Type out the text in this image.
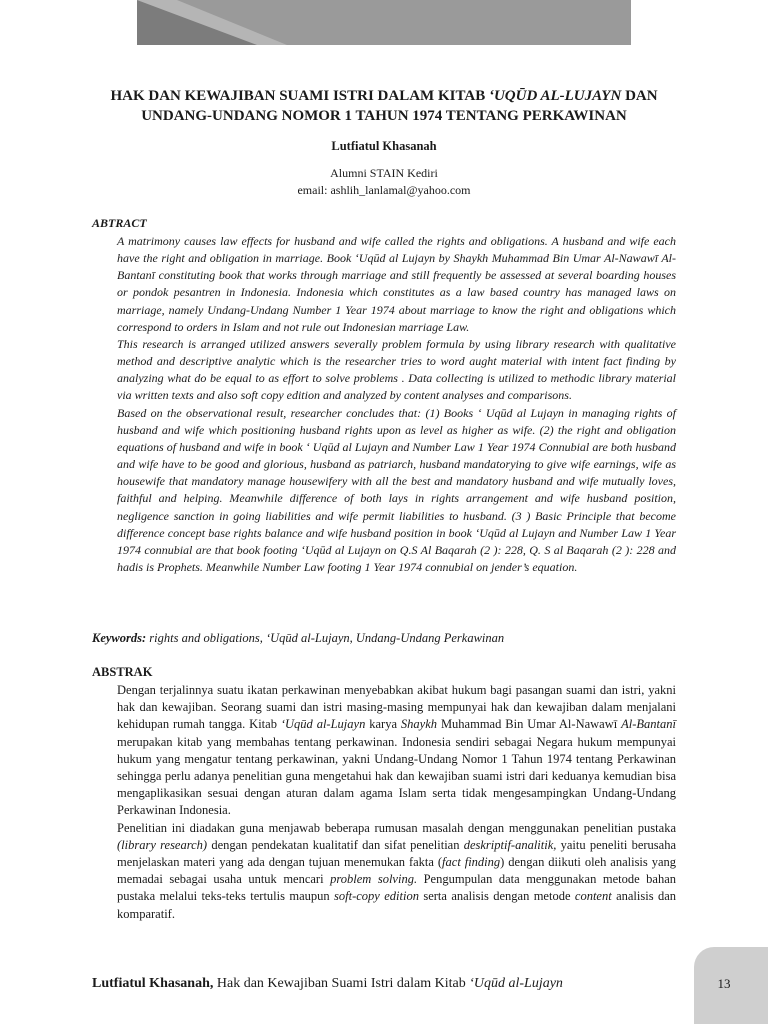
HAK DAN KEWAJIBAN SUAMI ISTRI DALAM KITAB ‘UQŪD AL-LUJAYN DAN
UNDANG-UNDANG NOMOR 1 TAHUN 1974 TENTANG PERKAWINAN
Lutfiatul Khasanah
Alumni STAIN Kediri
email: ashlih_lanlamal@yahoo.com
ABTRACT

A matrimony causes law effects for husband and wife called the rights and obligations. A husband and wife each have the right and obligation in marriage. Book ‘Uqūd al Lujayn by Shaykh Muhammad Bin Umar Al-Nawawī Al-Bantanī constituting book that works through marriage and still frequently be assessed at several boarding houses or pondok pesantren in Indonesia. Indonesia which constitutes as a law based country has managed laws on marriage, namely Undang-Undang Number 1 Year 1974 about marriage to know the right and obligations which correspond to orders in Islam and not rule out Indonesian marriage Law.

This research is arranged utilized answers severally problem formula by using library research with qualitative method and descriptive analytic which is the researcher tries to word aught material with intent fact finding by analyzing what do be equal to as effort to solve problems . Data collecting is utilized to methodic library material via written texts and also soft copy edition and analyzed by content analyses and comparisons.

Based on the observational result, researcher concludes that: (1) Books ‘ Uqūd al Lujayn in managing rights of husband and wife which positioning husband rights upon as level as higher as wife. (2) the right and obligation equations of husband and wife in book ‘ Uqūd al Lujayn and Number Law 1 Year 1974 Connubial are both husband and wife have to be good and glorious, husband as patriarch, husband mandatorying to give wife earnings, wife as housewife that mandatory manage housewifery with all the best and mandatory husband and wife mutually loves, faithful and helping. Meanwhile difference of both lays in rights arrangement and wife husband position, negligence sanction in going liabilities and wife permit liabilities to husband. (3 ) Basic Principle that become difference concept base rights balance and wife husband position in book ‘Uqūd al Lujayn and Number Law 1 Year 1974 connubial are that book footing ‘Uqūd al Lujayn on Q.S Al Baqarah (2 ): 228, Q. S al Baqarah (2 ): 228 and hadis is Prophets. Meanwhile Number Law footing 1 Year 1974 connubial on jender’s equation.

Keywords: rights and obligations, ‘Uqūd al-Lujayn, Undang-Undang Perkawinan
ABSTRAK

Dengan terjalinnya suatu ikatan perkawinan menyebabkan akibat hukum bagi pasangan suami dan istri, yakni hak dan kewajiban. Seorang suami dan istri masing-masing mempunyai hak dan kewajiban dalam menjalani kehidupan rumah tangga. Kitab ‘Uqūd al-Lujayn karya Shaykh Muhammad Bin Umar Al-Nawawī Al-Bantanī merupakan kitab yang membahas tentang perkawinan. Indonesia sendiri sebagai Negara hukum mempunyai hukum yang mengatur tentang perkawinan, yakni Undang-Undang Nomor 1 Tahun 1974 tentang Perkawinan sehingga perlu adanya penelitian guna mengetahui hak dan kewajiban suami istri dari keduanya kemudian bisa mengaplikasikan sesuai dengan aturan dalam agama Islam serta tidak mengesampingkan Undang-Undang Perkawinan Indonesia.

Penelitian ini diadakan guna menjawab beberapa rumusan masalah dengan menggunakan penelitian pustaka (library research) dengan pendekatan kualitatif dan sifat penelitian deskriptif-analitik, yaitu peneliti berusaha menjelaskan materi yang ada dengan tujuan menemukan fakta (fact finding) dengan diikuti oleh analisis yang memadai sebagai usaha untuk mencari problem solving. Pengumpulan data menggunakan metode bahan pustaka melalui teks-teks tertulis maupun soft-copy edition serta analisis dengan metode content analisis dan komparatif.

Lutfiatul Khasanah, Hak dan Kewajiban Suami Istri dalam Kitab ‘Uqūd al-Lujayn	13
